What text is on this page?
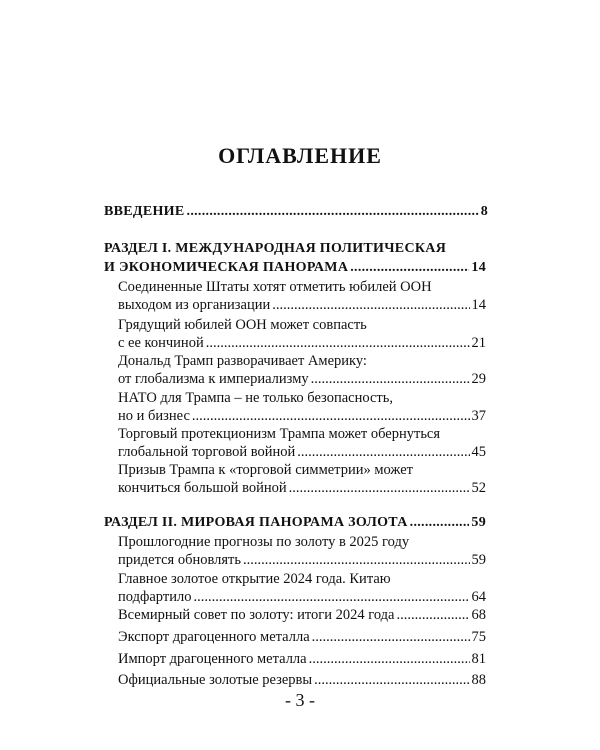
ОГЛАВЛЕНИЕ
ВВЕДЕНИЕ .....	8
РАЗДЕЛ I. МЕЖДУНАРОДНАЯ ПОЛИТИЧЕСКАЯ
И ЭКОНОМИЧЕСКАЯ ПАНОРАМА .....	14
Соединенные Штаты хотят отметить юбилей ООН
выходом из организации .....	14
Грядущий юбилей ООН может совпасть
с ее кончиной .....	21
Дональд Трамп разворачивает Америку:
от глобализма к империализму .....	29
НАТО для Трампа – не только безопасность,
но и бизнес .....	37
Торговый протекционизм Трампа может обернуться
глобальной торговой войной .....	45
Призыв Трампа к «торговой симметрии» может
кончиться большой войной .....	52
РАЗДЕЛ II. МИРОВАЯ ПАНОРАМА ЗОЛОТА .....	59
Прошлогодние прогнозы по золоту в 2025 году
придется обновлять .....	59
Главное золотое открытие 2024 года. Китаю
подфартило .....	64
Всемирный совет по золоту: итоги 2024 года .....	68
Экспорт драгоценного металла .....	75
Импорт драгоценного металла .....	81
Официальные золотые резервы .....	88
- 3 -
